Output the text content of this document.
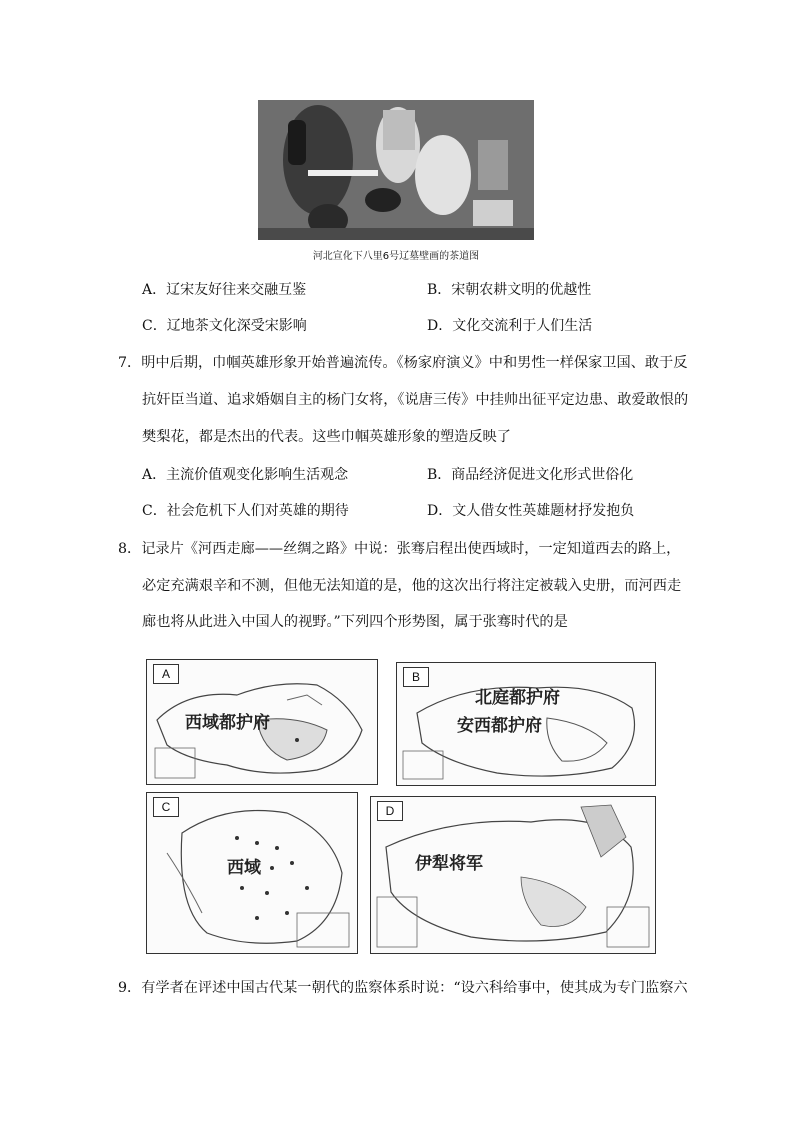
河北宣化下八里6号辽墓壁画的茶道图
A．辽宋友好往来交融互鉴	B．宋朝农耕文明的优越性
C．辽地茶文化深受宋影响	D．文化交流利于人们生活
7．明中后期，巾帼英雄形象开始普遍流传。《杨家府演义》中和男性一样保家卫国、敢于反
抗奸臣当道、追求婚姻自主的杨门女将，《说唐三传》中挂帅出征平定边患、敢爱敢恨的
樊梨花，都是杰出的代表。这些巾帼英雄形象的塑造反映了
A．主流价值观变化影响生活观念	B．商品经济促进文化形式世俗化
C．社会危机下人们对英雄的期待	D．文人借女性英雄题材抒发抱负
8．记录片《河西走廊——丝绸之路》中说：张骞启程出使西域时，一定知道西去的路上，
必定充满艰辛和不测，但他无法知道的是，他的这次出行将注定被载入史册，而河西走
廊也将从此进入中国人的视野。”下列四个形势图，属于张骞时代的是
A
西域都护府
B
北庭都护府
安西都护府
C
西域
D
伊犁将军
9．有学者在评述中国古代某一朝代的监察体系时说：“设六科给事中，使其成为专门监察六
